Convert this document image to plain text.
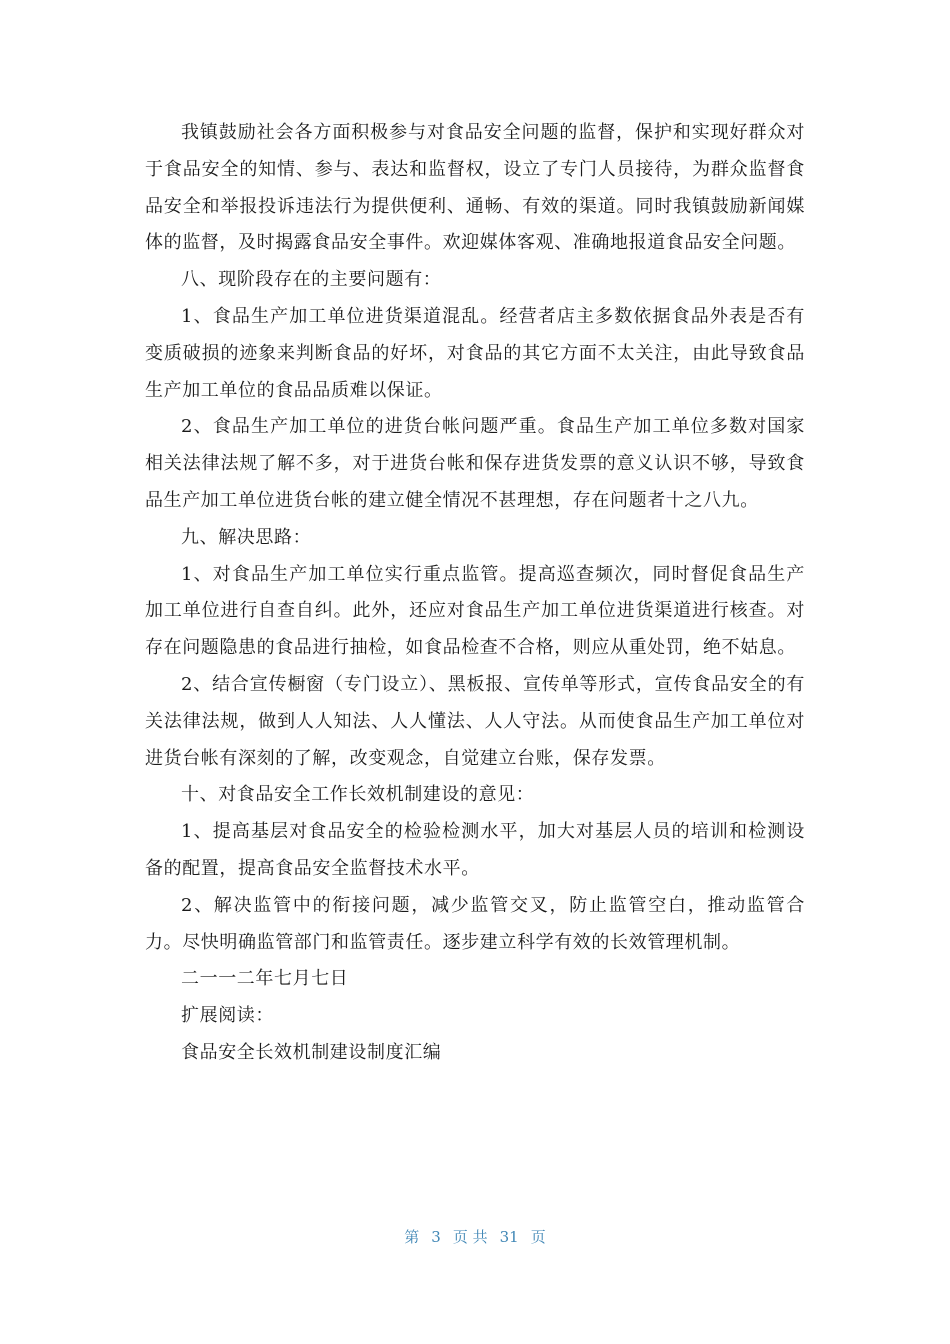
我镇鼓励社会各方面积极参与对食品安全问题的监督，保护和实现好群众对于食品安全的知情、参与、表达和监督权，设立了专门人员接待，为群众监督食品安全和举报投诉违法行为提供便利、通畅、有效的渠道。同时我镇鼓励新闻媒体的监督，及时揭露食品安全事件。欢迎媒体客观、准确地报道食品安全问题。

八、现阶段存在的主要问题有：

1、食品生产加工单位进货渠道混乱。经营者店主多数依据食品外表是否有变质破损的迹象来判断食品的好坏，对食品的其它方面不太关注，由此导致食品生产加工单位的食品品质难以保证。

2、食品生产加工单位的进货台帐问题严重。食品生产加工单位多数对国家相关法律法规了解不多，对于进货台帐和保存进货发票的意义认识不够，导致食品生产加工单位进货台帐的建立健全情况不甚理想，存在问题者十之八九。

九、解决思路：

1、对食品生产加工单位实行重点监管。提高巡查频次，同时督促食品生产加工单位进行自查自纠。此外，还应对食品生产加工单位进货渠道进行核查。对存在问题隐患的食品进行抽检，如食品检查不合格，则应从重处罚，绝不姑息。

2、结合宣传橱窗（专门设立）、黑板报、宣传单等形式，宣传食品安全的有关法律法规，做到人人知法、人人懂法、人人守法。从而使食品生产加工单位对进货台帐有深刻的了解，改变观念，自觉建立台账，保存发票。

十、对食品安全工作长效机制建设的意见：

1、提高基层对食品安全的检验检测水平，加大对基层人员的培训和检测设备的配置，提高食品安全监督技术水平。

2、解决监管中的衔接问题，减少监管交叉，防止监管空白，推动监管合力。尽快明确监管部门和监管责任。逐步建立科学有效的长效管理机制。

二一一二年七月七日

扩展阅读：

食品安全长效机制建设制度汇编

第 3 页 共 31 页
